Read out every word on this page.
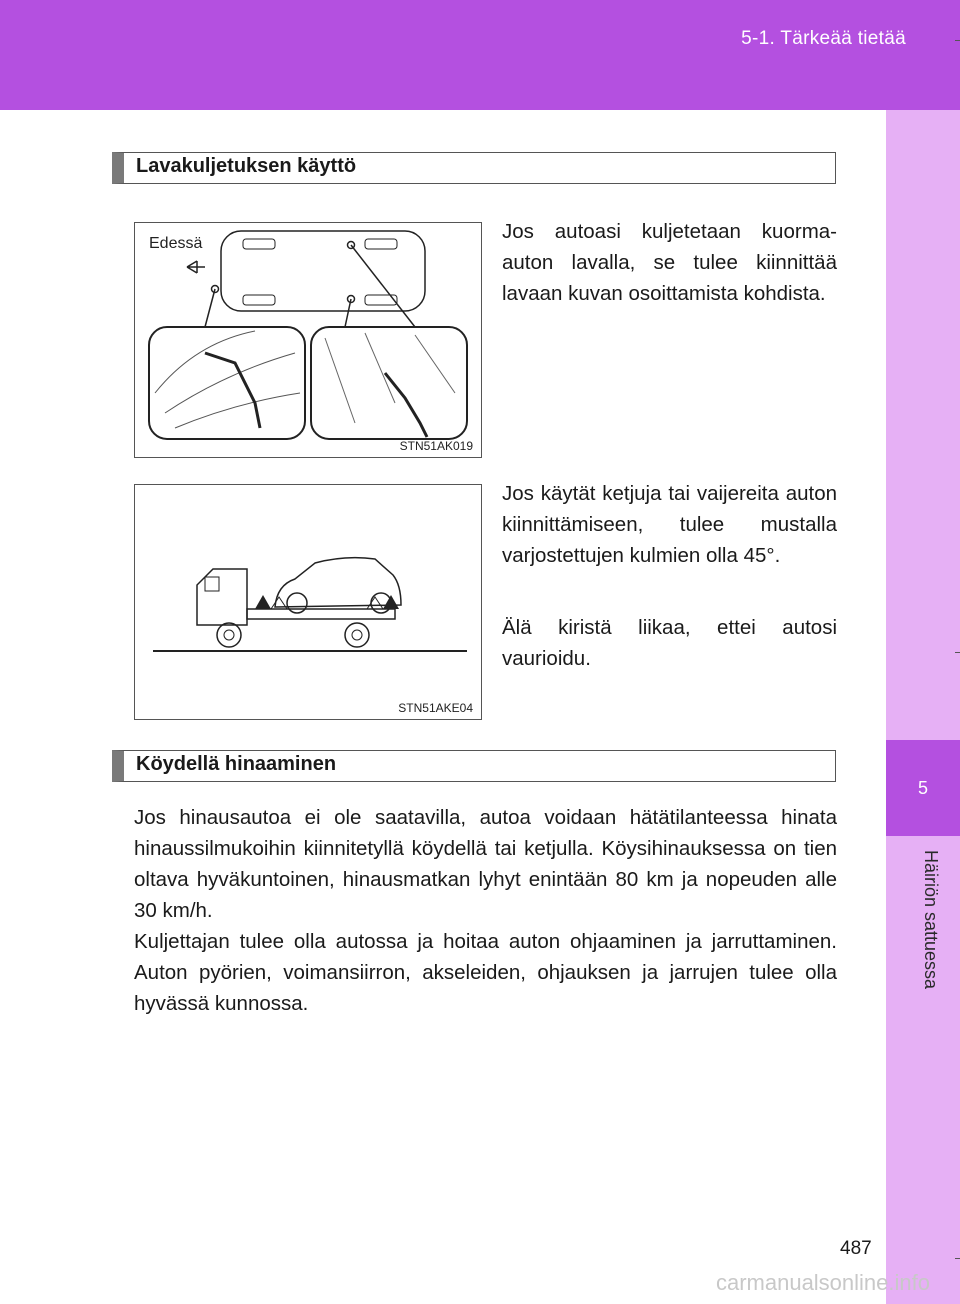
5-1. Tärkeää tietää
5
Häiriön sattuessa
Lavakuljetuksen käyttö
Edessä
STN51AK019

Jos autoasi kuljetetaan kuorma-auton lavalla, se tulee kiinnittää lavaan kuvan osoittamista kohdista.

STN51AKE04

Jos käytät ketjuja tai vaijereita auton kiinnittämiseen, tulee mustalla varjostettujen kulmien olla 45°.

Älä kiristä liikaa, ettei autosi vaurioidu.

Köydellä hinaaminen

Jos hinausautoa ei ole saatavilla, autoa voidaan hätätilanteessa hinata hinaussilmukoihin kiinnitetyllä köydellä tai ketjulla. Köysihinauksessa on tien oltava hyväkuntoinen, hinausmatkan lyhyt enintään 80 km ja nopeuden alle 30 km/h.

Kuljettajan tulee olla autossa ja hoitaa auton ohjaaminen ja jarruttaminen. Auton pyörien, voimansiirron, akseleiden, ohjauksen ja jarrujen tulee olla hyvässä kunnossa.

487
carmanualsonline.info
